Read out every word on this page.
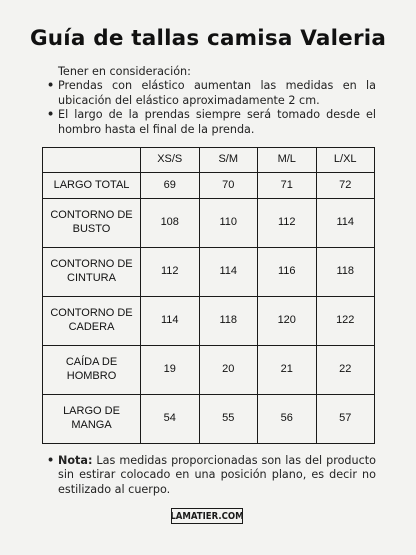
Guía de tallas camisa Valeria
Tener en consideración:
• Prendas con elástico aumentan las medidas en la ubicación del elástico aproximadamente 2 cm.
• El largo de la prendas siempre será tomado desde el hombro hasta el final de la prenda.
	XS/S	S/M	M/L	L/XL
LARGO TOTAL	69	70	71	72
CONTORNO DE BUSTO	108	110	112	114
CONTORNO DE CINTURA	112	114	116	118
CONTORNO DE CADERA	114	118	120	122
CAÍDA DE HOMBRO	19	20	21	22
LARGO DE MANGA	54	55	56	57
• Nota: Las medidas proporcionadas son las del producto sin estirar colocado en una posición plano, es decir no estilizado al cuerpo.
LAMATIER.COM
